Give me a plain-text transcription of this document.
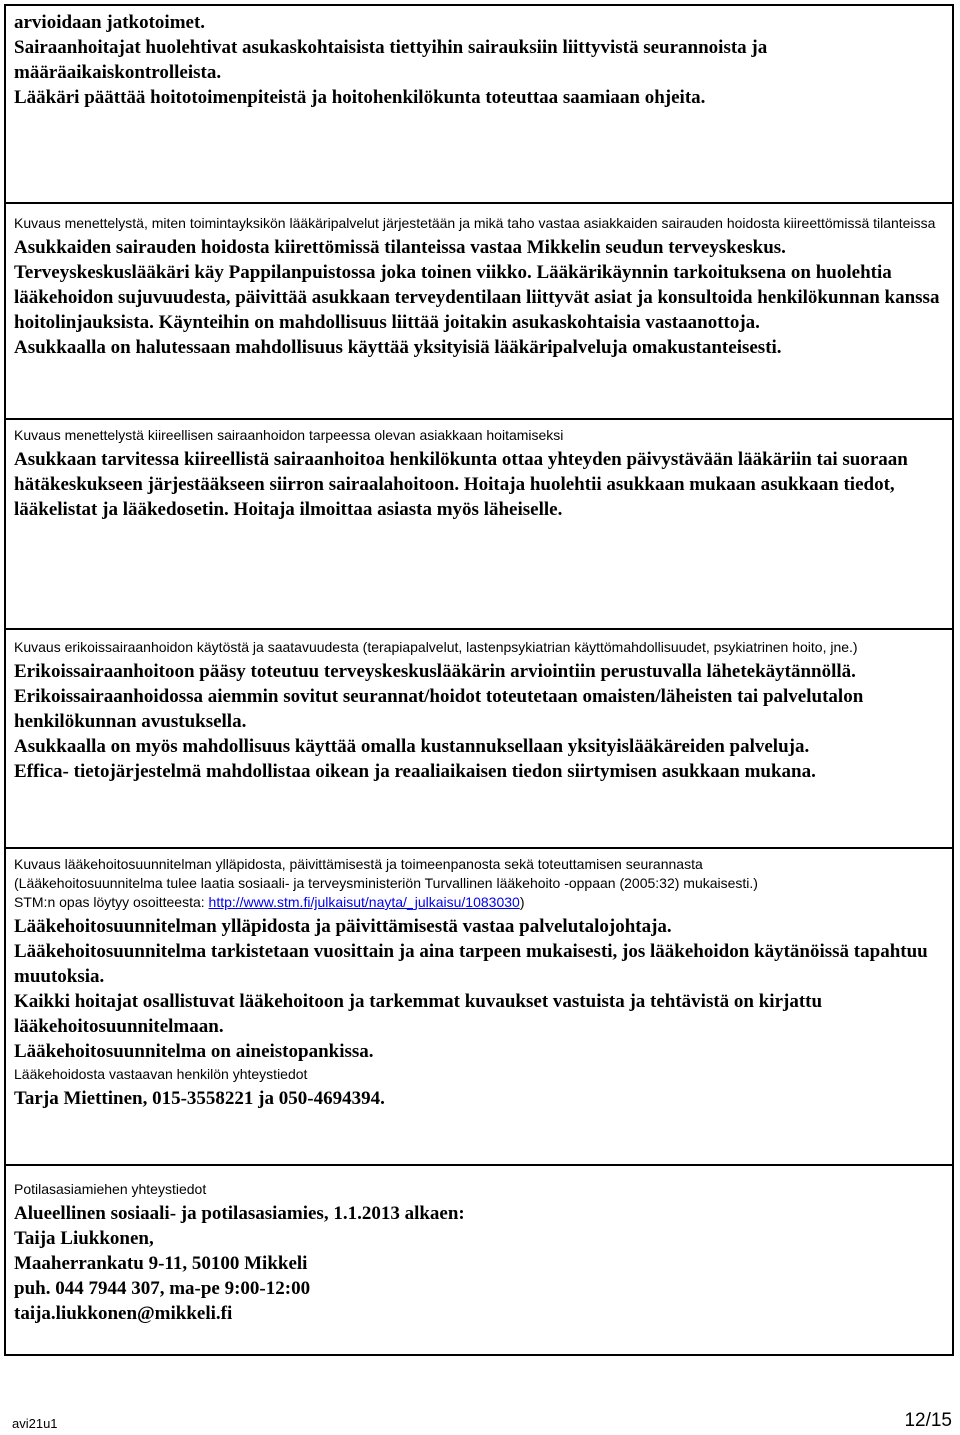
arvioidaan jatkotoimet.

Sairaanhoitajat huolehtivat asukaskohtaisista tiettyihin sairauksiin liittyvistä seurannoista ja

määräaikaiskontrolleista.

Lääkäri päättää hoitotoimenpiteistä ja hoitohenkilökunta toteuttaa saamiaan ohjeita.

Kuvaus menettelystä, miten toimintayksikön lääkäripalvelut järjestetään ja mikä taho vastaa asiakkaiden sairauden hoidosta kiireettömissä tilanteissa

Asukkaiden sairauden hoidosta kiirettömissä tilanteissa vastaa Mikkelin seudun terveyskeskus.

Terveyskeskuslääkäri käy Pappilanpuistossa joka toinen viikko. Lääkärikäynnin tarkoituksena on huolehtia lääkehoidon sujuvuudesta, päivittää asukkaan terveydentilaan liittyvät asiat ja konsultoida henkilökunnan kanssa hoitolinjauksista. Käynteihin on mahdollisuus liittää joitakin asukaskohtaisia vastaanottoja.

Asukkaalla on halutessaan mahdollisuus käyttää yksityisiä lääkäripalveluja omakustanteisesti.

Kuvaus menettelystä kiireellisen sairaanhoidon tarpeessa olevan asiakkaan hoitamiseksi

Asukkaan tarvitessa kiireellistä sairaanhoitoa henkilökunta ottaa yhteyden päivystävään lääkäriin tai suoraan hätäkeskukseen järjestääkseen siirron sairaalahoitoon. Hoitaja huolehtii asukkaan mukaan asukkaan tiedot, lääkelistat ja lääkedosetin. Hoitaja ilmoittaa asiasta myös läheiselle.

Kuvaus erikoissairaanhoidon käytöstä ja saatavuudesta (terapiapalvelut, lastenpsykiatrian käyttömahdollisuudet, psykiatrinen hoito, jne.)

Erikoissairaanhoitoon pääsy toteutuu terveyskeskuslääkärin arviointiin perustuvalla lähetekäytännöllä. Erikoissairaanhoidossa aiemmin sovitut seurannat/hoidot toteutetaan omaisten/läheisten tai palvelutalon henkilökunnan avustuksella.

Asukkaalla on myös mahdollisuus käyttää omalla kustannuksellaan yksityislääkäreiden palveluja.

Effica- tietojärjestelmä mahdollistaa oikean ja reaaliaikaisen tiedon siirtymisen asukkaan mukana.

Kuvaus lääkehoitosuunnitelman ylläpidosta, päivittämisestä ja toimeenpanosta sekä toteuttamisen seurannasta

(Lääkehoitosuunnitelma tulee laatia sosiaali- ja terveysministeriön Turvallinen lääkehoito -oppaan (2005:32) mukaisesti.)

STM:n opas löytyy osoitteesta: http://www.stm.fi/julkaisut/nayta/_julkaisu/1083030)

Lääkehoitosuunnitelman ylläpidosta ja päivittämisestä vastaa palvelutalojohtaja.

Lääkehoitosuunnitelma tarkistetaan vuosittain ja aina tarpeen mukaisesti, jos lääkehoidon käytänöissä tapahtuu muutoksia.

Kaikki hoitajat osallistuvat lääkehoitoon ja tarkemmat kuvaukset vastuista ja tehtävistä on kirjattu lääkehoitosuunnitelmaan.

Lääkehoitosuunnitelma on aineistopankissa.

Lääkehoidosta vastaavan henkilön yhteystiedot

Tarja Miettinen, 015-3558221 ja 050-4694394.

Potilasasiamiehen yhteystiedot

Alueellinen sosiaali- ja potilasasiamies, 1.1.2013 alkaen:

Taija Liukkonen,

Maaherrankatu 9-11, 50100 Mikkeli

puh. 044 7944 307, ma-pe 9:00-12:00

taija.liukkonen@mikkeli.fi

avi21u1	12/15
